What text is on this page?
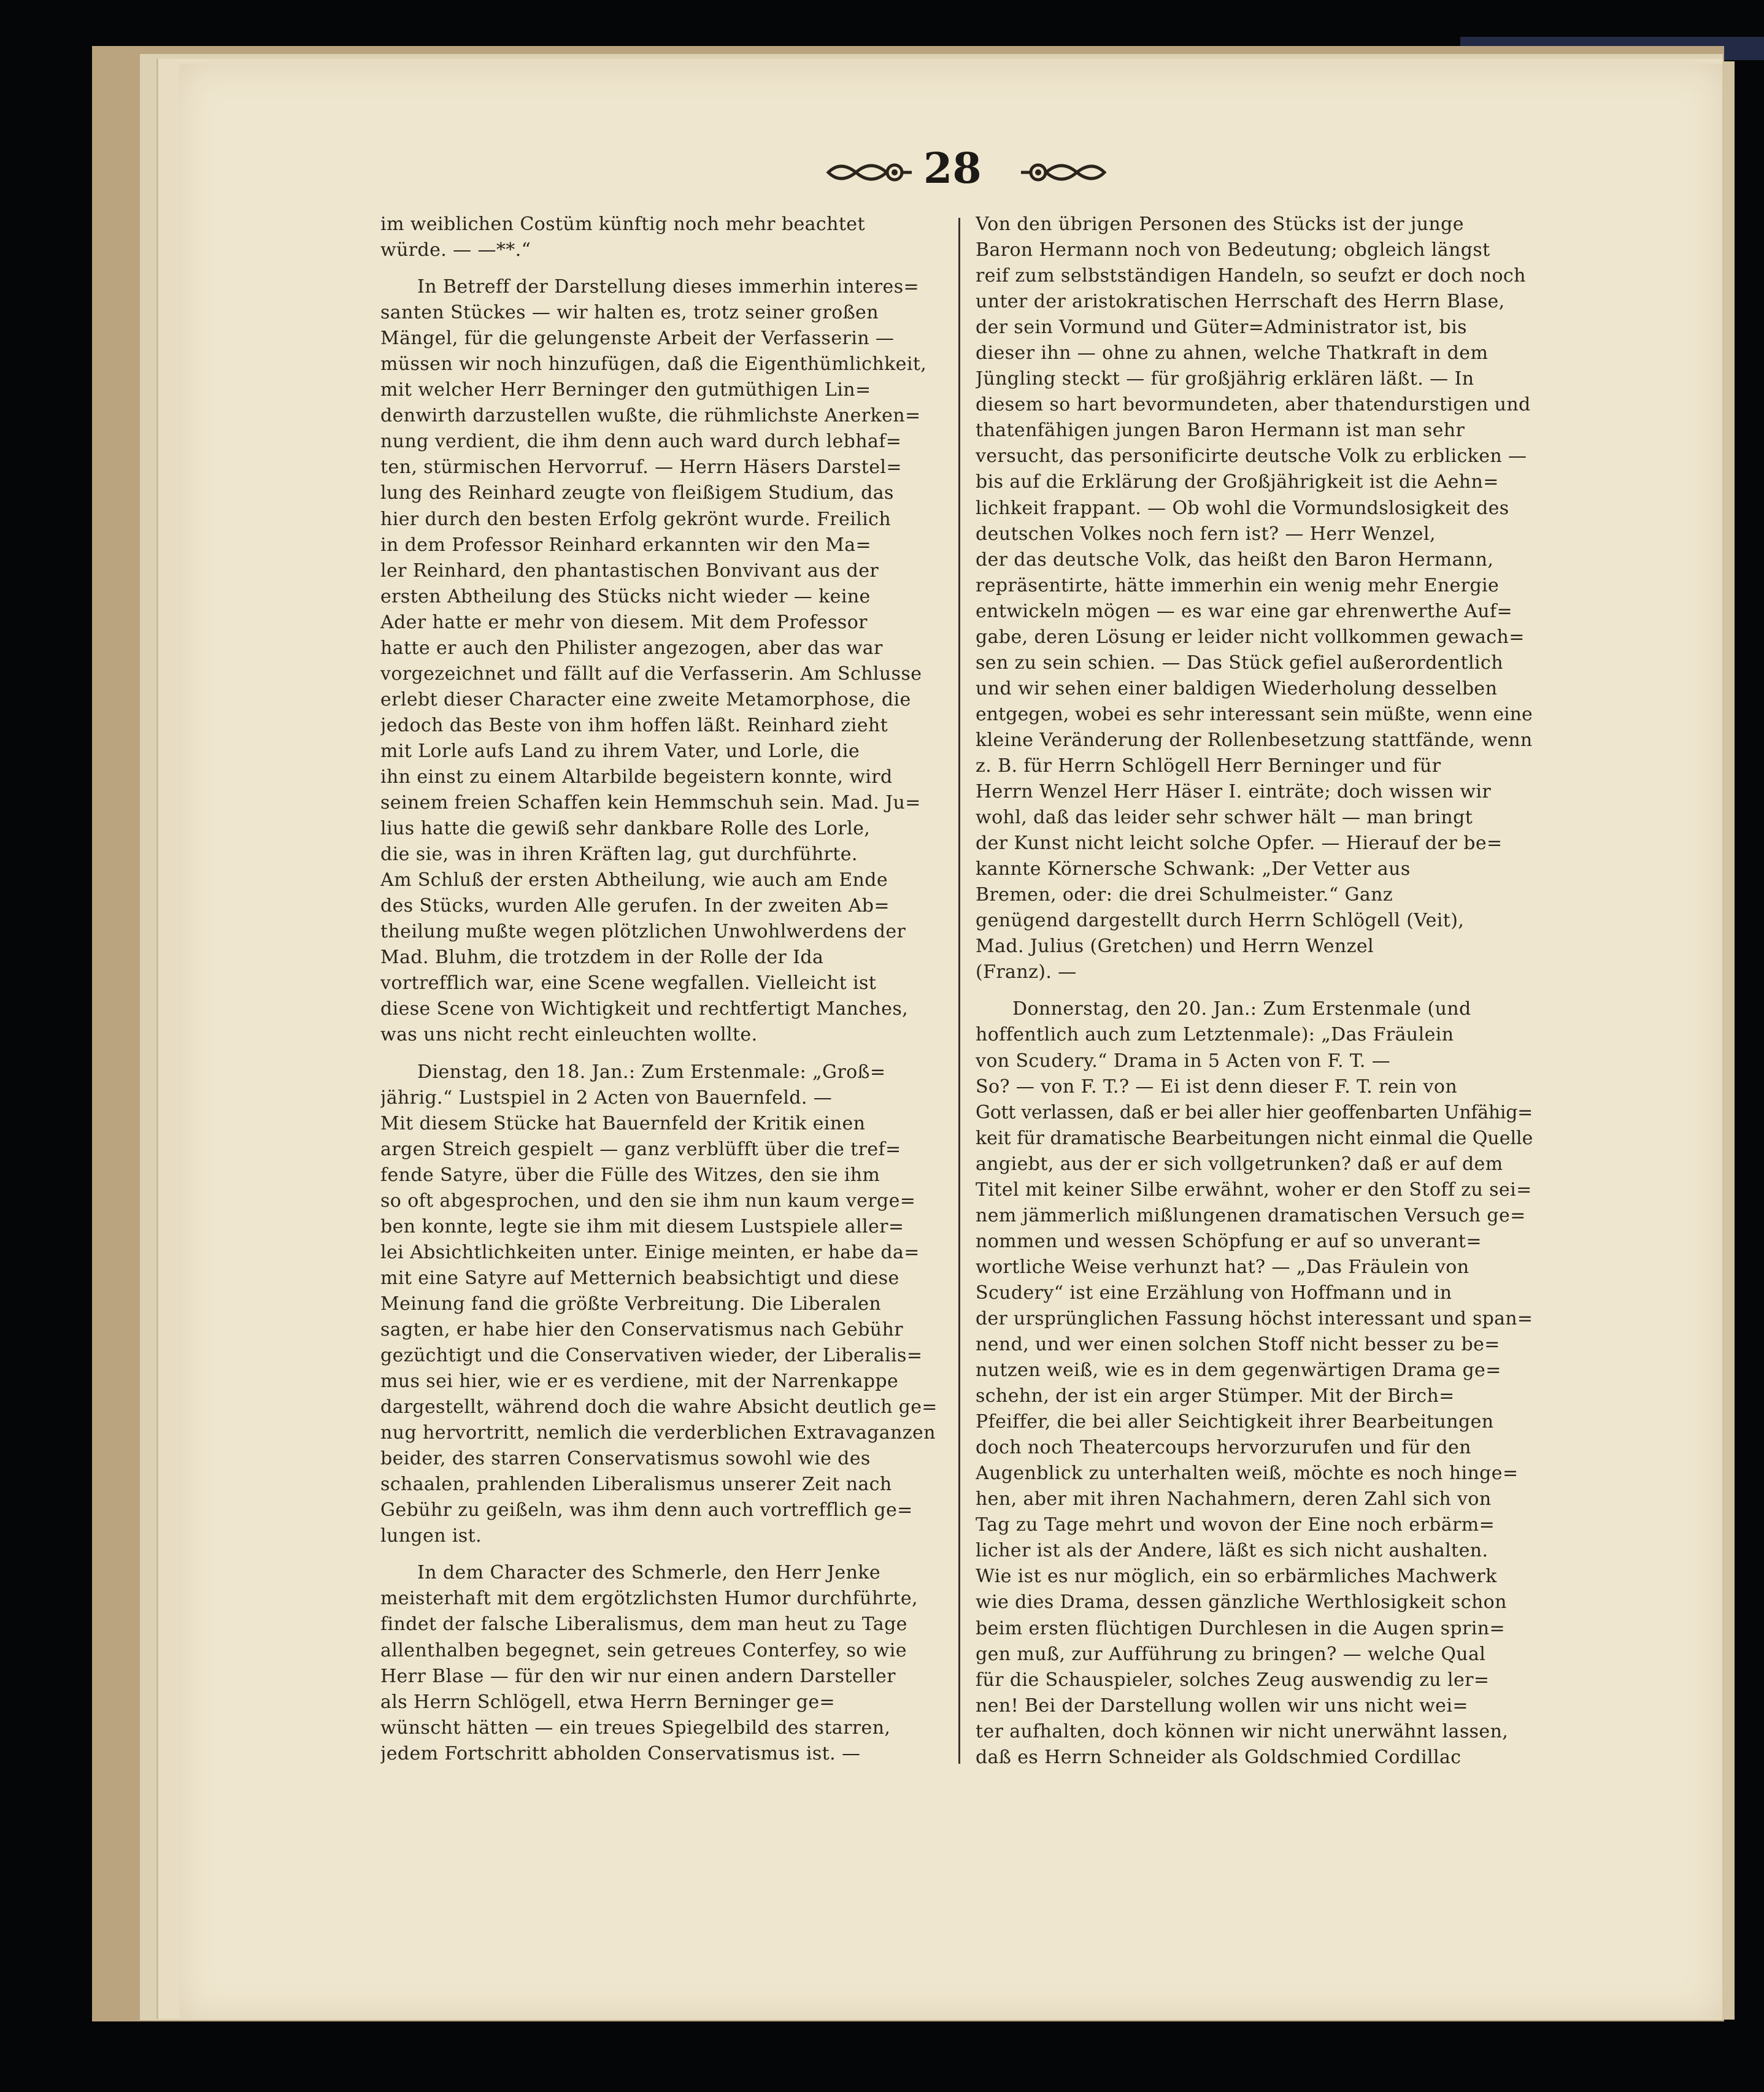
28
im weiblichen Costüm künftig noch mehr beachtet
würde. — —**.“
In Betreff der Darstellung dieses immerhin interes=
santen Stückes — wir halten es, trotz seiner großen
Mängel, für die gelungenste Arbeit der Verfasserin —
müssen wir noch hinzufügen, daß die Eigenthümlichkeit,
mit welcher Herr Berninger den gutmüthigen Lin=
denwirth darzustellen wußte, die rühmlichste Anerken=
nung verdient, die ihm denn auch ward durch lebhaf=
ten, stürmischen Hervorruf. — Herrn Häsers Darstel=
lung des Reinhard zeugte von fleißigem Studium, das
hier durch den besten Erfolg gekrönt wurde. Freilich
in dem Professor Reinhard erkannten wir den Ma=
ler Reinhard, den phantastischen Bonvivant aus der
ersten Abtheilung des Stücks nicht wieder — keine
Ader hatte er mehr von diesem. Mit dem Professor
hatte er auch den Philister angezogen, aber das war
vorgezeichnet und fällt auf die Verfasserin. Am Schlusse
erlebt dieser Character eine zweite Metamorphose, die
jedoch das Beste von ihm hoffen läßt. Reinhard zieht
mit Lorle aufs Land zu ihrem Vater, und Lorle, die
ihn einst zu einem Altarbilde begeistern konnte, wird
seinem freien Schaffen kein Hemmschuh sein. Mad. Ju=
lius hatte die gewiß sehr dankbare Rolle des Lorle,
die sie, was in ihren Kräften lag, gut durchführte.
Am Schluß der ersten Abtheilung, wie auch am Ende
des Stücks, wurden Alle gerufen. In der zweiten Ab=
theilung mußte wegen plötzlichen Unwohlwerdens der
Mad. Bluhm, die trotzdem in der Rolle der Ida
vortrefflich war, eine Scene wegfallen. Vielleicht ist
diese Scene von Wichtigkeit und rechtfertigt Manches,
was uns nicht recht einleuchten wollte.
Dienstag, den 18. Jan.: Zum Erstenmale: „Groß=
jährig.“ Lustspiel in 2 Acten von Bauernfeld. —
Mit diesem Stücke hat Bauernfeld der Kritik einen
argen Streich gespielt — ganz verblüfft über die tref=
fende Satyre, über die Fülle des Witzes, den sie ihm
so oft abgesprochen, und den sie ihm nun kaum verge=
ben konnte, legte sie ihm mit diesem Lustspiele aller=
lei Absichtlichkeiten unter. Einige meinten, er habe da=
mit eine Satyre auf Metternich beabsichtigt und diese
Meinung fand die größte Verbreitung. Die Liberalen
sagten, er habe hier den Conservatismus nach Gebühr
gezüchtigt und die Conservativen wieder, der Liberalis=
mus sei hier, wie er es verdiene, mit der Narrenkappe
dargestellt, während doch die wahre Absicht deutlich ge=
nug hervortritt, nemlich die verderblichen Extravaganzen
beider, des starren Conservatismus sowohl wie des
schaalen, prahlenden Liberalismus unserer Zeit nach
Gebühr zu geißeln, was ihm denn auch vortrefflich ge=
lungen ist.
In dem Character des Schmerle, den Herr Jenke
meisterhaft mit dem ergötzlichsten Humor durchführte,
findet der falsche Liberalismus, dem man heut zu Tage
allenthalben begegnet, sein getreues Conterfey, so wie
Herr Blase — für den wir nur einen andern Darsteller
als Herrn Schlögell, etwa Herrn Berninger ge=
wünscht hätten — ein treues Spiegelbild des starren,
jedem Fortschritt abholden Conservatismus ist. —
Von den übrigen Personen des Stücks ist der junge
Baron Hermann noch von Bedeutung; obgleich längst
reif zum selbstständigen Handeln, so seufzt er doch noch
unter der aristokratischen Herrschaft des Herrn Blase,
der sein Vormund und Güter=Administrator ist, bis
dieser ihn — ohne zu ahnen, welche Thatkraft in dem
Jüngling steckt — für großjährig erklären läßt. — In
diesem so hart bevormundeten, aber thatendurstigen und
thatenfähigen jungen Baron Hermann ist man sehr
versucht, das personificirte deutsche Volk zu erblicken —
bis auf die Erklärung der Großjährigkeit ist die Aehn=
lichkeit frappant. — Ob wohl die Vormundslosigkeit des
deutschen Volkes noch fern ist? — Herr Wenzel,
der das deutsche Volk, das heißt den Baron Hermann,
repräsentirte, hätte immerhin ein wenig mehr Energie
entwickeln mögen — es war eine gar ehrenwerthe Auf=
gabe, deren Lösung er leider nicht vollkommen gewach=
sen zu sein schien. — Das Stück gefiel außerordentlich
und wir sehen einer baldigen Wiederholung desselben
entgegen, wobei es sehr interessant sein müßte, wenn eine
kleine Veränderung der Rollenbesetzung stattfände, wenn
z. B. für Herrn Schlögell Herr Berninger und für
Herrn Wenzel Herr Häser I. einträte; doch wissen wir
wohl, daß das leider sehr schwer hält — man bringt
der Kunst nicht leicht solche Opfer. — Hierauf der be=
kannte Körnersche Schwank: „Der Vetter aus
Bremen, oder: die drei Schulmeister.“ Ganz
genügend dargestellt durch Herrn Schlögell (Veit),
Mad. Julius (Gretchen) und Herrn Wenzel
(Franz). —
Donnerstag, den 20. Jan.: Zum Erstenmale (und
hoffentlich auch zum Letztenmale): „Das Fräulein
von Scudery.“ Drama in 5 Acten von F. T. —
So? — von F. T.? — Ei ist denn dieser F. T. rein von
Gott verlassen, daß er bei aller hier geoffenbarten Unfähig=
keit für dramatische Bearbeitungen nicht einmal die Quelle
angiebt, aus der er sich vollgetrunken? daß er auf dem
Titel mit keiner Silbe erwähnt, woher er den Stoff zu sei=
nem jämmerlich mißlungenen dramatischen Versuch ge=
nommen und wessen Schöpfung er auf so unverant=
wortliche Weise verhunzt hat? — „Das Fräulein von
Scudery“ ist eine Erzählung von Hoffmann und in
der ursprünglichen Fassung höchst interessant und span=
nend, und wer einen solchen Stoff nicht besser zu be=
nutzen weiß, wie es in dem gegenwärtigen Drama ge=
schehn, der ist ein arger Stümper. Mit der Birch=
Pfeiffer, die bei aller Seichtigkeit ihrer Bearbeitungen
doch noch Theatercoups hervorzurufen und für den
Augenblick zu unterhalten weiß, möchte es noch hinge=
hen, aber mit ihren Nachahmern, deren Zahl sich von
Tag zu Tage mehrt und wovon der Eine noch erbärm=
licher ist als der Andere, läßt es sich nicht aushalten.
Wie ist es nur möglich, ein so erbärmliches Machwerk
wie dies Drama, dessen gänzliche Werthlosigkeit schon
beim ersten flüchtigen Durchlesen in die Augen sprin=
gen muß, zur Aufführung zu bringen? — welche Qual
für die Schauspieler, solches Zeug auswendig zu ler=
nen! Bei der Darstellung wollen wir uns nicht wei=
ter aufhalten, doch können wir nicht unerwähnt lassen,
daß es Herrn Schneider als Goldschmied Cordillac
